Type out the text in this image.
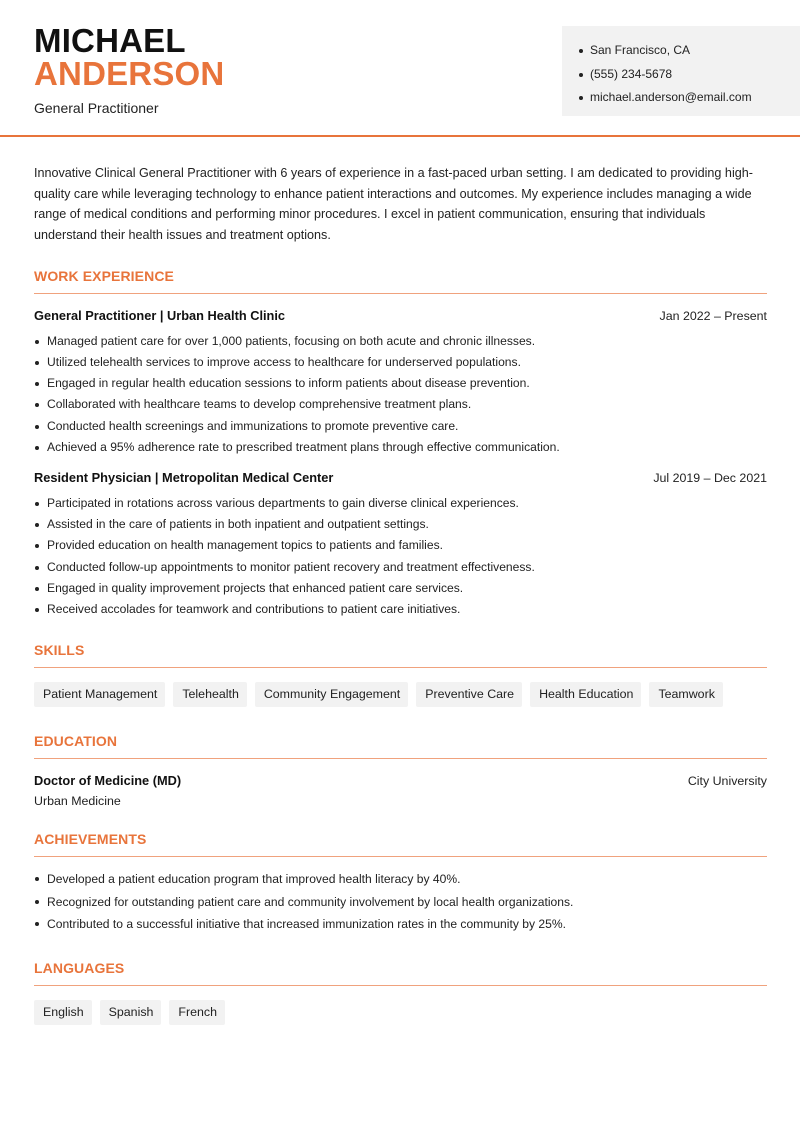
MICHAEL
ANDERSON
General Practitioner
San Francisco, CA
(555) 234-5678
michael.anderson@email.com

Innovative Clinical General Practitioner with 6 years of experience in a fast-paced urban setting. I am dedicated to providing high-quality care while leveraging technology to enhance patient interactions and outcomes. My experience includes managing a wide range of medical conditions and performing minor procedures. I excel in patient communication, ensuring that individuals understand their health issues and treatment options.

WORK EXPERIENCE
General Practitioner | Urban Health Clinic	Jan 2022 – Present
Managed patient care for over 1,000 patients, focusing on both acute and chronic illnesses.
Utilized telehealth services to improve access to healthcare for underserved populations.
Engaged in regular health education sessions to inform patients about disease prevention.
Collaborated with healthcare teams to develop comprehensive treatment plans.
Conducted health screenings and immunizations to promote preventive care.
Achieved a 95% adherence rate to prescribed treatment plans through effective communication.
Resident Physician | Metropolitan Medical Center	Jul 2019 – Dec 2021
Participated in rotations across various departments to gain diverse clinical experiences.
Assisted in the care of patients in both inpatient and outpatient settings.
Provided education on health management topics to patients and families.
Conducted follow-up appointments to monitor patient recovery and treatment effectiveness.
Engaged in quality improvement projects that enhanced patient care services.
Received accolades for teamwork and contributions to patient care initiatives.
SKILLS
Patient Management	Telehealth	Community Engagement	Preventive Care	Health Education	Teamwork
EDUCATION
Doctor of Medicine (MD)	City University
Urban Medicine
ACHIEVEMENTS
Developed a patient education program that improved health literacy by 40%.
Recognized for outstanding patient care and community involvement by local health organizations.
Contributed to a successful initiative that increased immunization rates in the community by 25%.
LANGUAGES
English	Spanish	French
